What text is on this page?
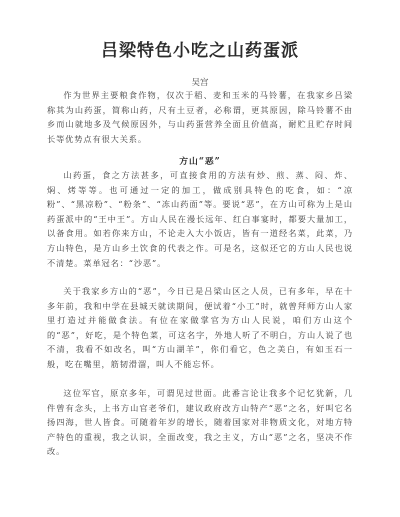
吕梁特色小吃之山药蛋派
吴宫

作为世界主要粮食作物，仅次于稻、麦和玉米的马铃薯，在我家乡吕梁称其为山药蛋，简称山药，尺有土豆者，必称谓，更其原因，除马铃薯不由乡而山就地多及气候原因外，与山药蛋营养全面且价值高，耐贮且贮存时间长等优势点有很大关系。

方山“恶”

山药蛋，食之方法甚多，可直接食用的方法有炒、煎、蒸、闷、炸、焖、烤等等。也可通过一定的加工，做成别具特色的吃食，如：“凉粉”、“黑凉粉”、“粉条”、“冻山药面”等。要说“恶”，在方山可称为上是山药蛋派中的“王中王”。方山人民在漫长远年、红白事宴时，都要大量加工，以备食用。如若你来方山，不论走入大小饭店，皆有一道经名菜，此菜，乃方山特色，是方山乡土饮食的代表之作。可是名，这似还它的方山人民也说不清楚。菜单冠名：“沙恶”。

关于我家乡方山的“恶”，今日已是吕梁山区之人员，已有多年，早在十多年前，我和中学在县城天就读期间，便试着“小工”时，就曾拜师方山人家里打造过并能做食法。有位在家做掌官为方山人民说，咱们方山这个的“恶”，好吃，是个特色菜，可这名字，外地人听了不明白，方山人说了也不清，我看不如改名，叫“方山湖羊”，你们看它，色之美白，有如玉石一般，吃在嘴里，筋韧滑溜，叫人不能忘怀。

这位军官，原京多年，可谓见过世面。此番言论让我多个记忆犹新，几件曾有念头，上书方山官老爷们，建议政府改方山特产“恶”之名，好叫它名扬四海，世人皆食。可随着年岁的增长，随着国家对非物质文化，对地方特产特色的重视，我之认识，全面改变，我之主义，方山“恶”之名，坚决不作改。
